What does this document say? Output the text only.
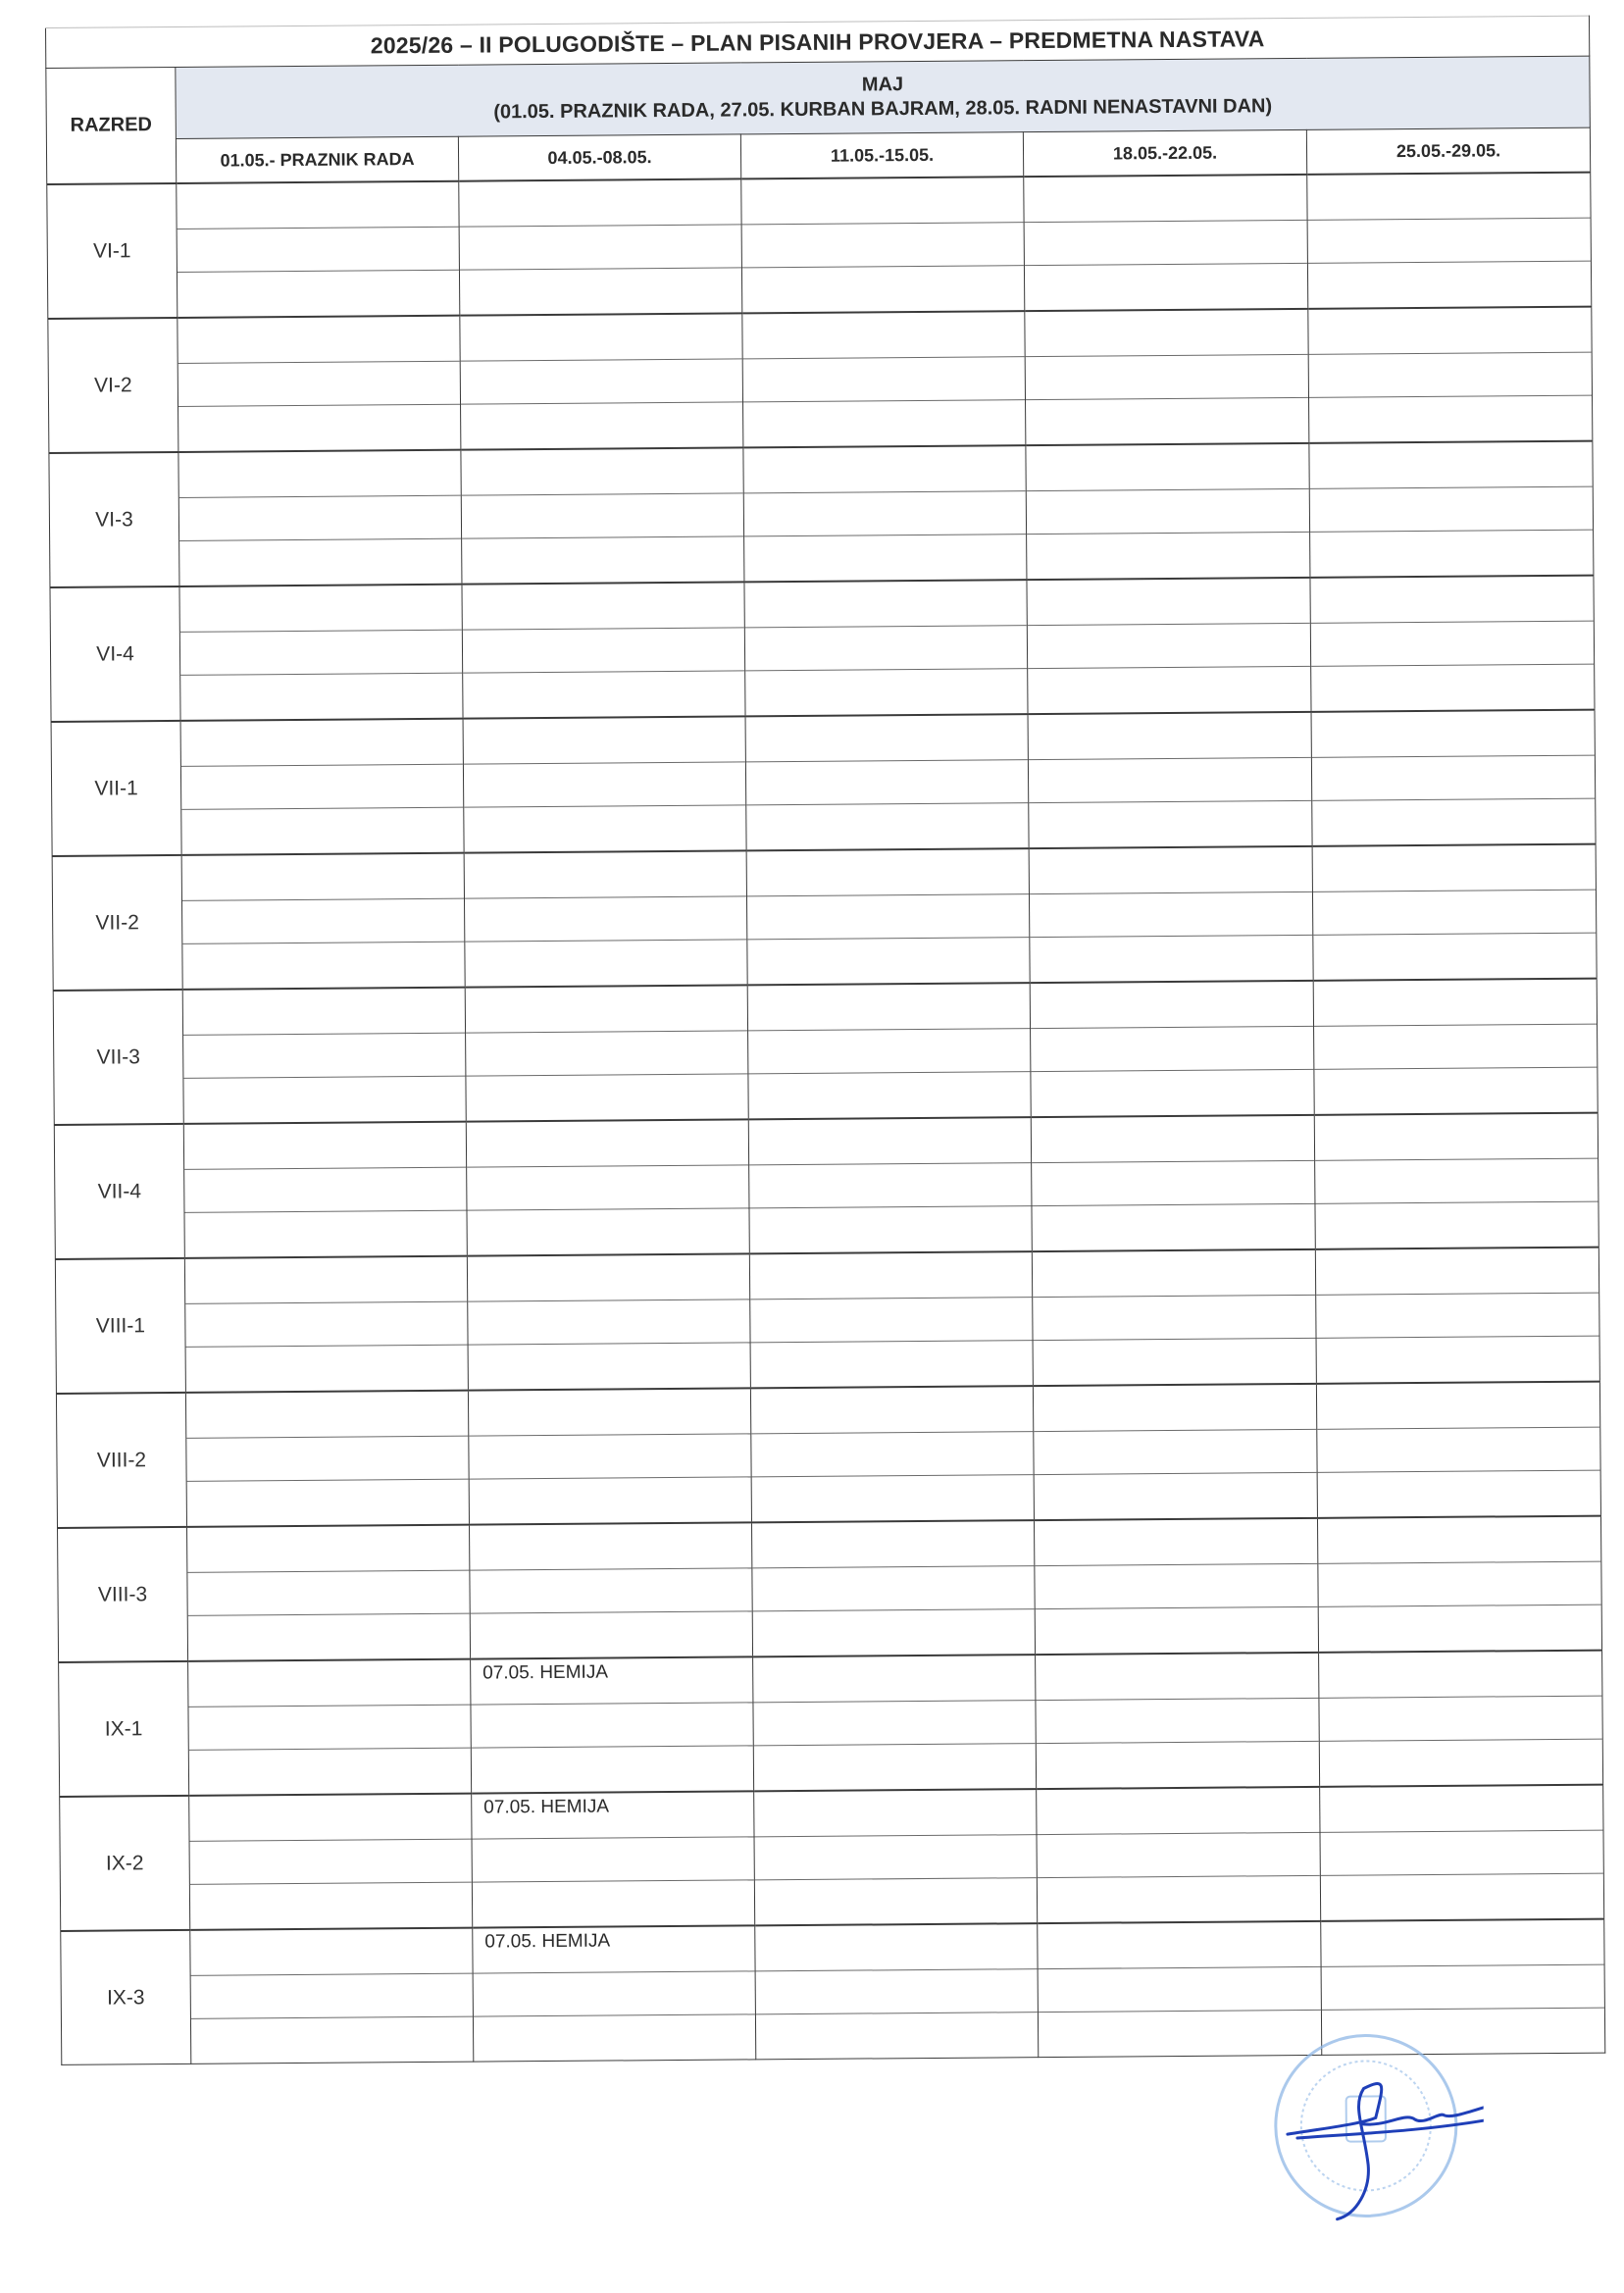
2025/26 – II POLUGODIŠTE – PLAN PISANIH PROVJERA – PREDMETNA NASTAVA					
RAZRED	MAJ
(01.05. PRAZNIK RADA, 27.05. KURBAN BAJRAM, 28.05. RADNI NENASTAVNI DAN)				

	01.05.- PRAZNIK RADA	04.05.-08.05.	11.05.-15.05.	18.05.-22.05.	25.05.-29.05.
VI-1	

VI-2	

VI-3	

VI-4	

VII-1	

VII-2	

VII-3	

VII-4	

VIII-1	

VIII-2	

VIII-3	

IX-1		07.05. HEMIJA			

IX-2		07.05. HEMIJA			

IX-3		07.05. HEMIJA			
